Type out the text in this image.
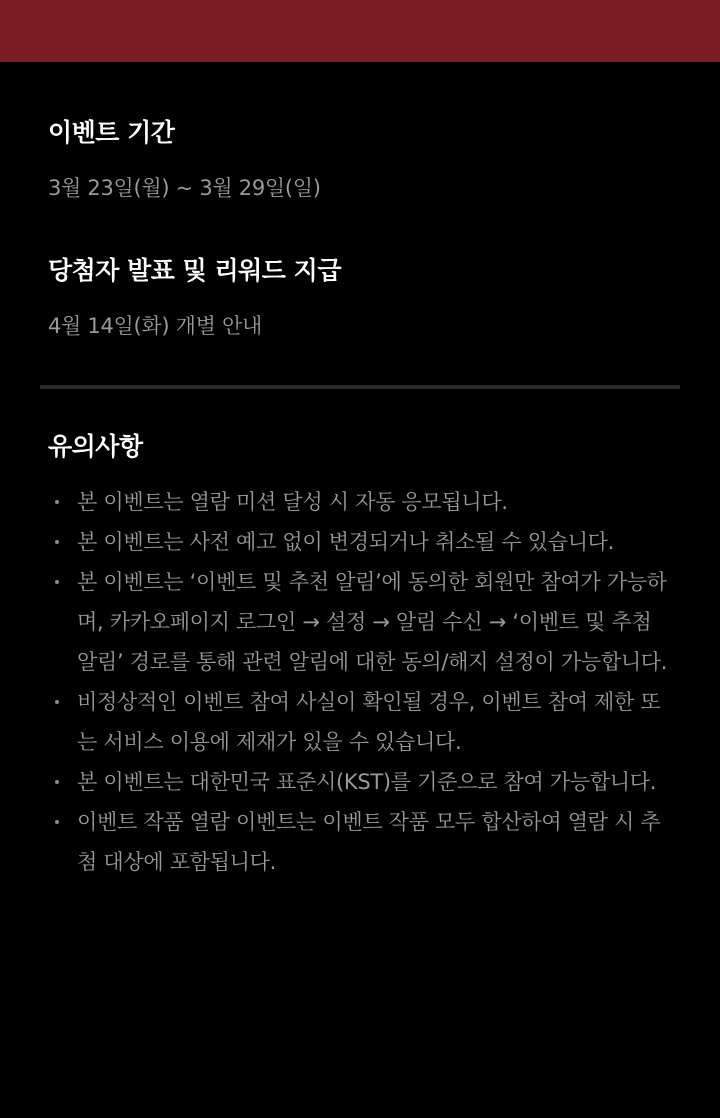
이벤트 기간

3월 23일(월) ~ 3월 29일(일)

당첨자 발표 및 리워드 지급

4월 14일(화) 개별 안내

유의사항
본 이벤트는 열람 미션 달성 시 자동 응모됩니다.
본 이벤트는 사전 예고 없이 변경되거나 취소될 수 있습니다.
본 이벤트는 ‘이벤트 및 추천 알림’에 동의한 회원만 참여가 가능하며, 카카오페이지 로그인 → 설정 → 알림 수신 → ‘이벤트 및 추첨 알림’ 경로를 통해 관련 알림에 대한 동의/해지 설정이 가능합니다.
비정상적인 이벤트 참여 사실이 확인될 경우, 이벤트 참여 제한 또는 서비스 이용에 제재가 있을 수 있습니다.
본 이벤트는 대한민국 표준시(KST)를 기준으로 참여 가능합니다.
이벤트 작품 열람 이벤트는 이벤트 작품 모두 합산하여 열람 시 추첨 대상에 포함됩니다.
